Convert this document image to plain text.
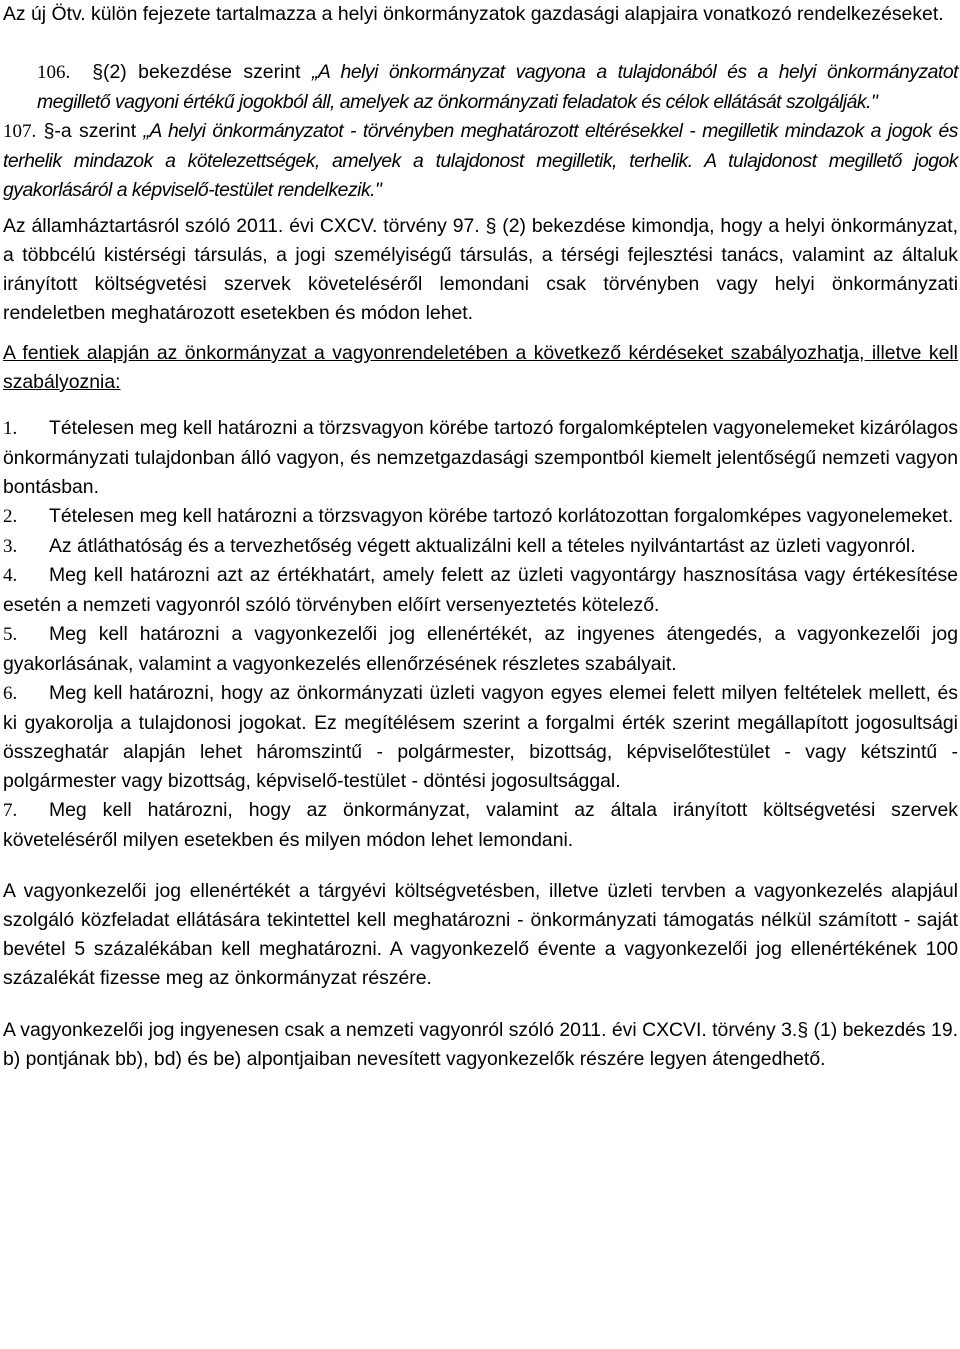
Az új Ötv. külön fejezete tartalmazza a helyi önkormányzatok gazdasági alapjaira vonatkozó rendelkezéseket.

106. §(2) bekezdése szerint „A helyi önkormányzat vagyona a tulajdonából és a helyi önkormányzatot megillető vagyoni értékű jogokból áll, amelyek az önkormányzati feladatok és célok ellátását szolgálják."

107. §-a szerint „A helyi önkormányzatot - törvényben meghatározott eltérésekkel - megilletik mindazok a jogok és terhelik mindazok a kötelezettségek, amelyek a tulajdonost megilletik, terhelik. A tulajdonost megillető jogok gyakorlásáról a képviselő-testület rendelkezik."

Az államháztartásról szóló 2011. évi CXCV. törvény 97. § (2) bekezdése kimondja, hogy a helyi önkormányzat, a többcélú kistérségi társulás, a jogi személyiségű társulás, a térségi fejlesztési tanács, valamint az általuk irányított költségvetési szervek követeléséről lemondani csak törvényben vagy helyi önkormányzati rendeletben meghatározott esetekben és módon lehet.

A fentiek alapján az önkormányzat a vagyonrendeletében a következő kérdéseket szabályozhatja, illetve kell szabályoznia:

1. Tételesen meg kell határozni a törzsvagyon körébe tartozó forgalomképtelen vagyonelemeket kizárólagos önkormányzati tulajdonban álló vagyon, és nemzetgazdasági szempontból kiemelt jelentőségű nemzeti vagyon bontásban.

2. Tételesen meg kell határozni a törzsvagyon körébe tartozó korlátozottan forgalomképes vagyonelemeket.

3. Az átláthatóság és a tervezhetőség végett aktualizálni kell a tételes nyilvántartást az üzleti vagyonról.

4. Meg kell határozni azt az értékhatárt, amely felett az üzleti vagyontárgy hasznosítása vagy értékesítése esetén a nemzeti vagyonról szóló törvényben előírt versenyeztetés kötelező.

5. Meg kell határozni a vagyonkezelői jog ellenértékét, az ingyenes átengedés, a vagyonkezelői jog gyakorlásának, valamint a vagyonkezelés ellenőrzésének részletes szabályait.

6. Meg kell határozni, hogy az önkormányzati üzleti vagyon egyes elemei felett milyen feltételek mellett, és ki gyakorolja a tulajdonosi jogokat. Ez megítélésem szerint a forgalmi érték szerint megállapított jogosultsági összeghatár alapján lehet háromszintű - polgármester, bizottság, képviselőtestület - vagy kétszintű - polgármester vagy bizottság, képviselő-testület - döntési jogosultsággal.

7. Meg kell határozni, hogy az önkormányzat, valamint az általa irányított költségvetési szervek követeléséről milyen esetekben és milyen módon lehet lemondani.

A vagyonkezelői jog ellenértékét a tárgyévi költségvetésben, illetve üzleti tervben a vagyonkezelés alapjául szolgáló közfeladat ellátására tekintettel kell meghatározni - önkormányzati támogatás nélkül számított - saját bevétel 5 százalékában kell meghatározni. A vagyonkezelő évente a vagyonkezelői jog ellenértékének 100 százalékát fizesse meg az önkormányzat részére.

A vagyonkezelői jog ingyenesen csak a nemzeti vagyonról szóló 2011. évi CXCVI. törvény 3.§ (1) bekezdés 19. b) pontjának bb), bd) és be) alpontjaiban nevesített vagyonkezelők részére legyen átengedhető.
